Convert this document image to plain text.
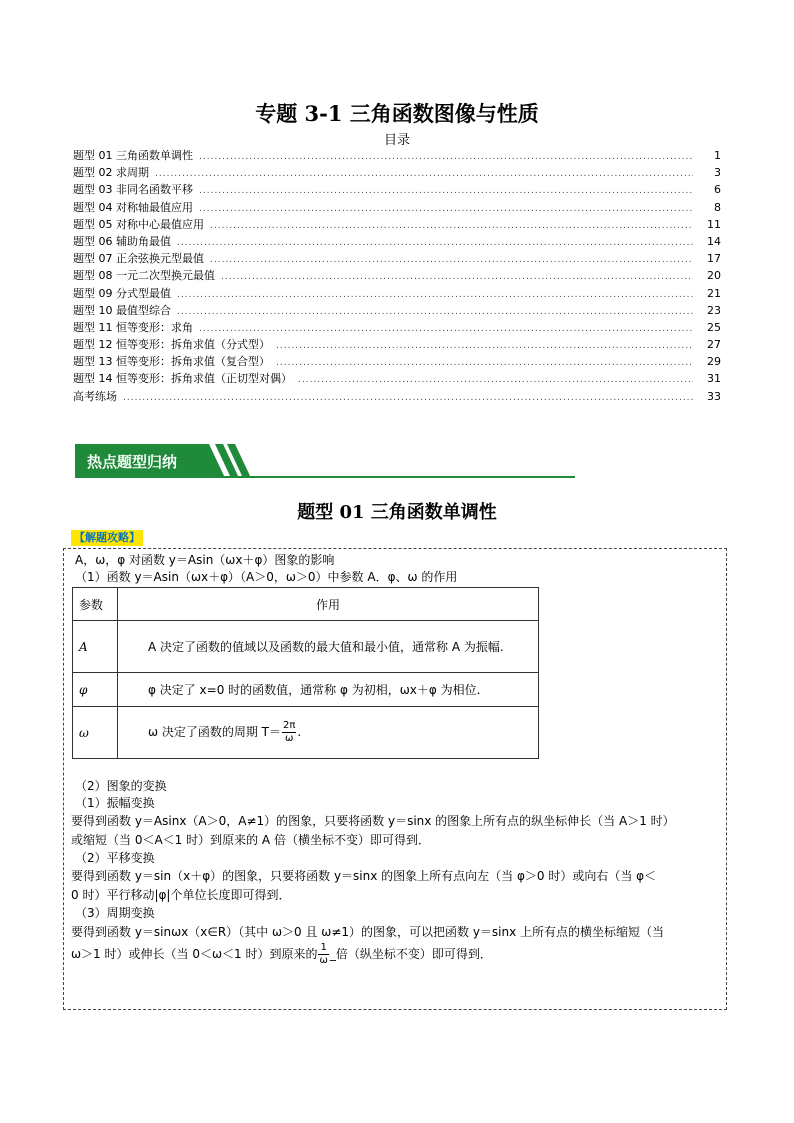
专题 3-1 三角函数图像与性质
目录
题型 01 三角函数单调性 .....	1
题型 02 求周期 .....	3
题型 03 非同名函数平移 .....	6
题型 04 对称轴最值应用 .....	8
题型 05 对称中心最值应用 .....	11
题型 06 辅助角最值 .....	14
题型 07 正余弦换元型最值 .....	17
题型 08 一元二次型换元最值 .....	20
题型 09 分式型最值 .....	21
题型 10 最值型综合 .....	23
题型 11 恒等变形：求角 .....	25
题型 12 恒等变形：拆角求值（分式型） .....	27
题型 13 恒等变形：拆角求值（复合型） .....	29
题型 14 恒等变形：拆角求值（正切型对偶） .....	31
高考练场 .....	33
热点题型归纳
题型 01 三角函数单调性
【解题攻略】
A，ω，φ 对函数 y＝Asin（ωx＋φ）图象的影响
（1）函数 y＝Asin（ωx＋φ）（A＞0，ω＞0）中参数 A．φ、ω 的作用
参数	作用
A	A 决定了函数的值域以及函数的最大值和最小值，通常称 A 为振幅.
φ	φ 决定了 x=0 时的函数值，通常称 φ 为初相，ωx＋φ 为相位.
ω	ω 决定了函数的周期 $T= \frac{2\pi}{\omega}$ .
（2）图象的变换
（1）振幅变换
要得到函数 y＝Asinx（A＞0，A≠1）的图象，只要将函数 y＝sinx 的图象上所有点的纵坐标伸长（当 A＞1 时）
或缩短（当 0＜A＜1 时）到原来的 A 倍（横坐标不变）即可得到．
（2）平移变换
要得到函数 y＝sin（x＋φ）的图象，只要将函数 y＝sinx 的图象上所有点向左（当 φ＞0 时）或向右（当 φ＜
0 时）平行移动|φ|个单位长度即可得到．
（3）周期变换
要得到函数 y＝sinωx（x∈R）（其中 ω＞0 且 ω≠1）的图象，可以把函数 y＝sinx 上所有点的横坐标缩短（当
ω＞1 时）或伸长（当 0＜ω＜1 时）到原来的 $\frac{1}{\omega}$ _倍（纵坐标不变）即可得到．
